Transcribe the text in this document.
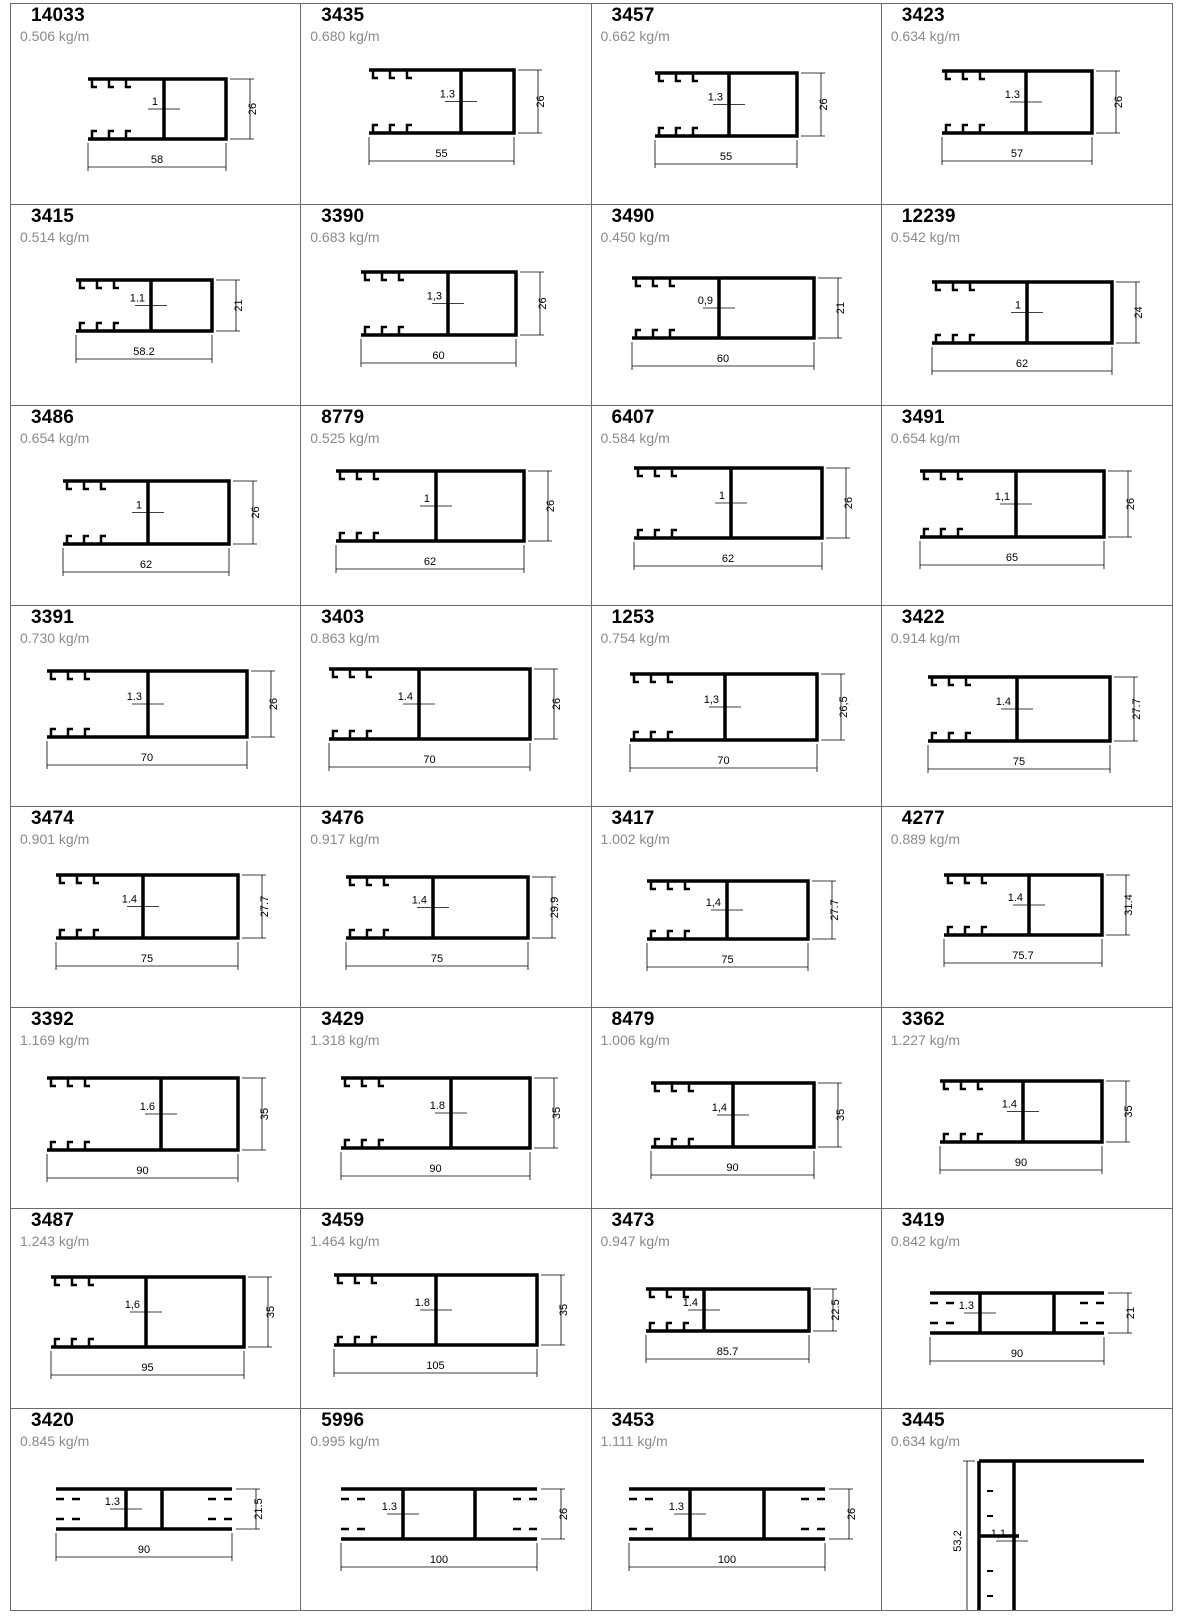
14033
0.506 kg/m
58
26
1
3435
0.680 kg/m
55
26
1.3
3457
0.662 kg/m
55
26
1.3
3423
0.634 kg/m
57
26
1.3
3415
0.514 kg/m
58.2
21
1.1
3390
0.683 kg/m
60
26
1,3
3490
0.450 kg/m
60
21
0,9
12239
0.542 kg/m
62
24
1
3486
0.654 kg/m
62
26
1
8779
0.525 kg/m
62
26
1
6407
0.584 kg/m
62
26
1
3491
0.654 kg/m
65
26
1,1
3391
0.730 kg/m
70
26
1.3
3403
0.863 kg/m
70
26
1.4
1253
0.754 kg/m
70
26,5
1,3
3422
0.914 kg/m
75
27.7
1.4
3474
0.901 kg/m
75
27.7
1.4
3476
0.917 kg/m
75
29.9
1.4
3417
1.002 kg/m
75
27.7
1,4
4277
0.889 kg/m
75.7
31.4
1.4
3392
1.169 kg/m
90
35
1.6
3429
1.318 kg/m
90
35
1.8
8479
1.006 kg/m
90
35
1,4
3362
1.227 kg/m
90
35
1.4
3487
1.243 kg/m
95
35
1,6
3459
1.464 kg/m
105
35
1.8
3473
0.947 kg/m
85.7
22.5
1.4
3419
0.842 kg/m
90
21
1.3
3420
0.845 kg/m
90
21.5
1.3
5996
0.995 kg/m
100
26
1.3
3453
1.111 kg/m
100
26
1.3
3445
0.634 kg/m
53,2 1,1
